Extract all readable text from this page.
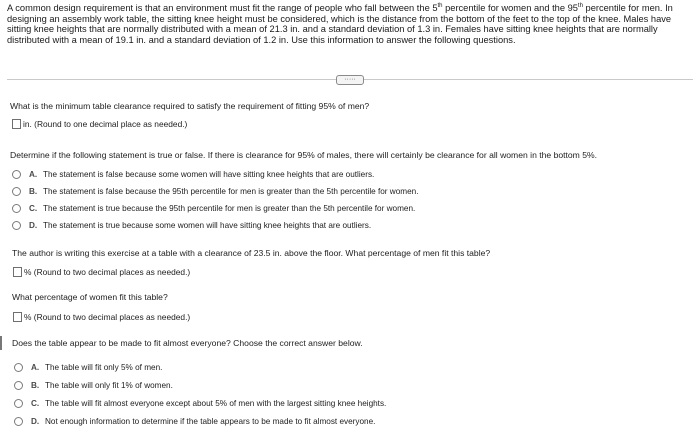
A common design requirement is that an environment must fit the range of people who fall between the 5th percentile for women and the 95th percentile for men. In designing an assembly work table, the sitting knee height must be considered, which is the distance from the bottom of the feet to the top of the knee. Males have sitting knee heights that are normally distributed with a mean of 21.3 in. and a standard deviation of 1.3 in. Females have sitting knee heights that are normally distributed with a mean of 19.1 in. and a standard deviation of 1.2 in. Use this information to answer the following questions.
·····
What is the minimum table clearance required to satisfy the requirement of fitting 95% of men?
in. (Round to one decimal place as needed.)
Determine if the following statement is true or false. If there is clearance for 95% of males, there will certainly be clearance for all women in the bottom 5%.
A. The statement is false because some women will have sitting knee heights that are outliers.
B. The statement is false because the 95th percentile for men is greater than the 5th percentile for women.
C. The statement is true because the 95th percentile for men is greater than the 5th percentile for women.
D. The statement is true because some women will have sitting knee heights that are outliers.
The author is writing this exercise at a table with a clearance of 23.5 in. above the floor. What percentage of men fit this table?
% (Round to two decimal places as needed.)
What percentage of women fit this table?
% (Round to two decimal places as needed.)
Does the table appear to be made to fit almost everyone? Choose the correct answer below.
A. The table will fit only 5% of men.
B. The table will only fit 1% of women.
C. The table will fit almost everyone except about 5% of men with the largest sitting knee heights.
D. Not enough information to determine if the table appears to be made to fit almost everyone.
